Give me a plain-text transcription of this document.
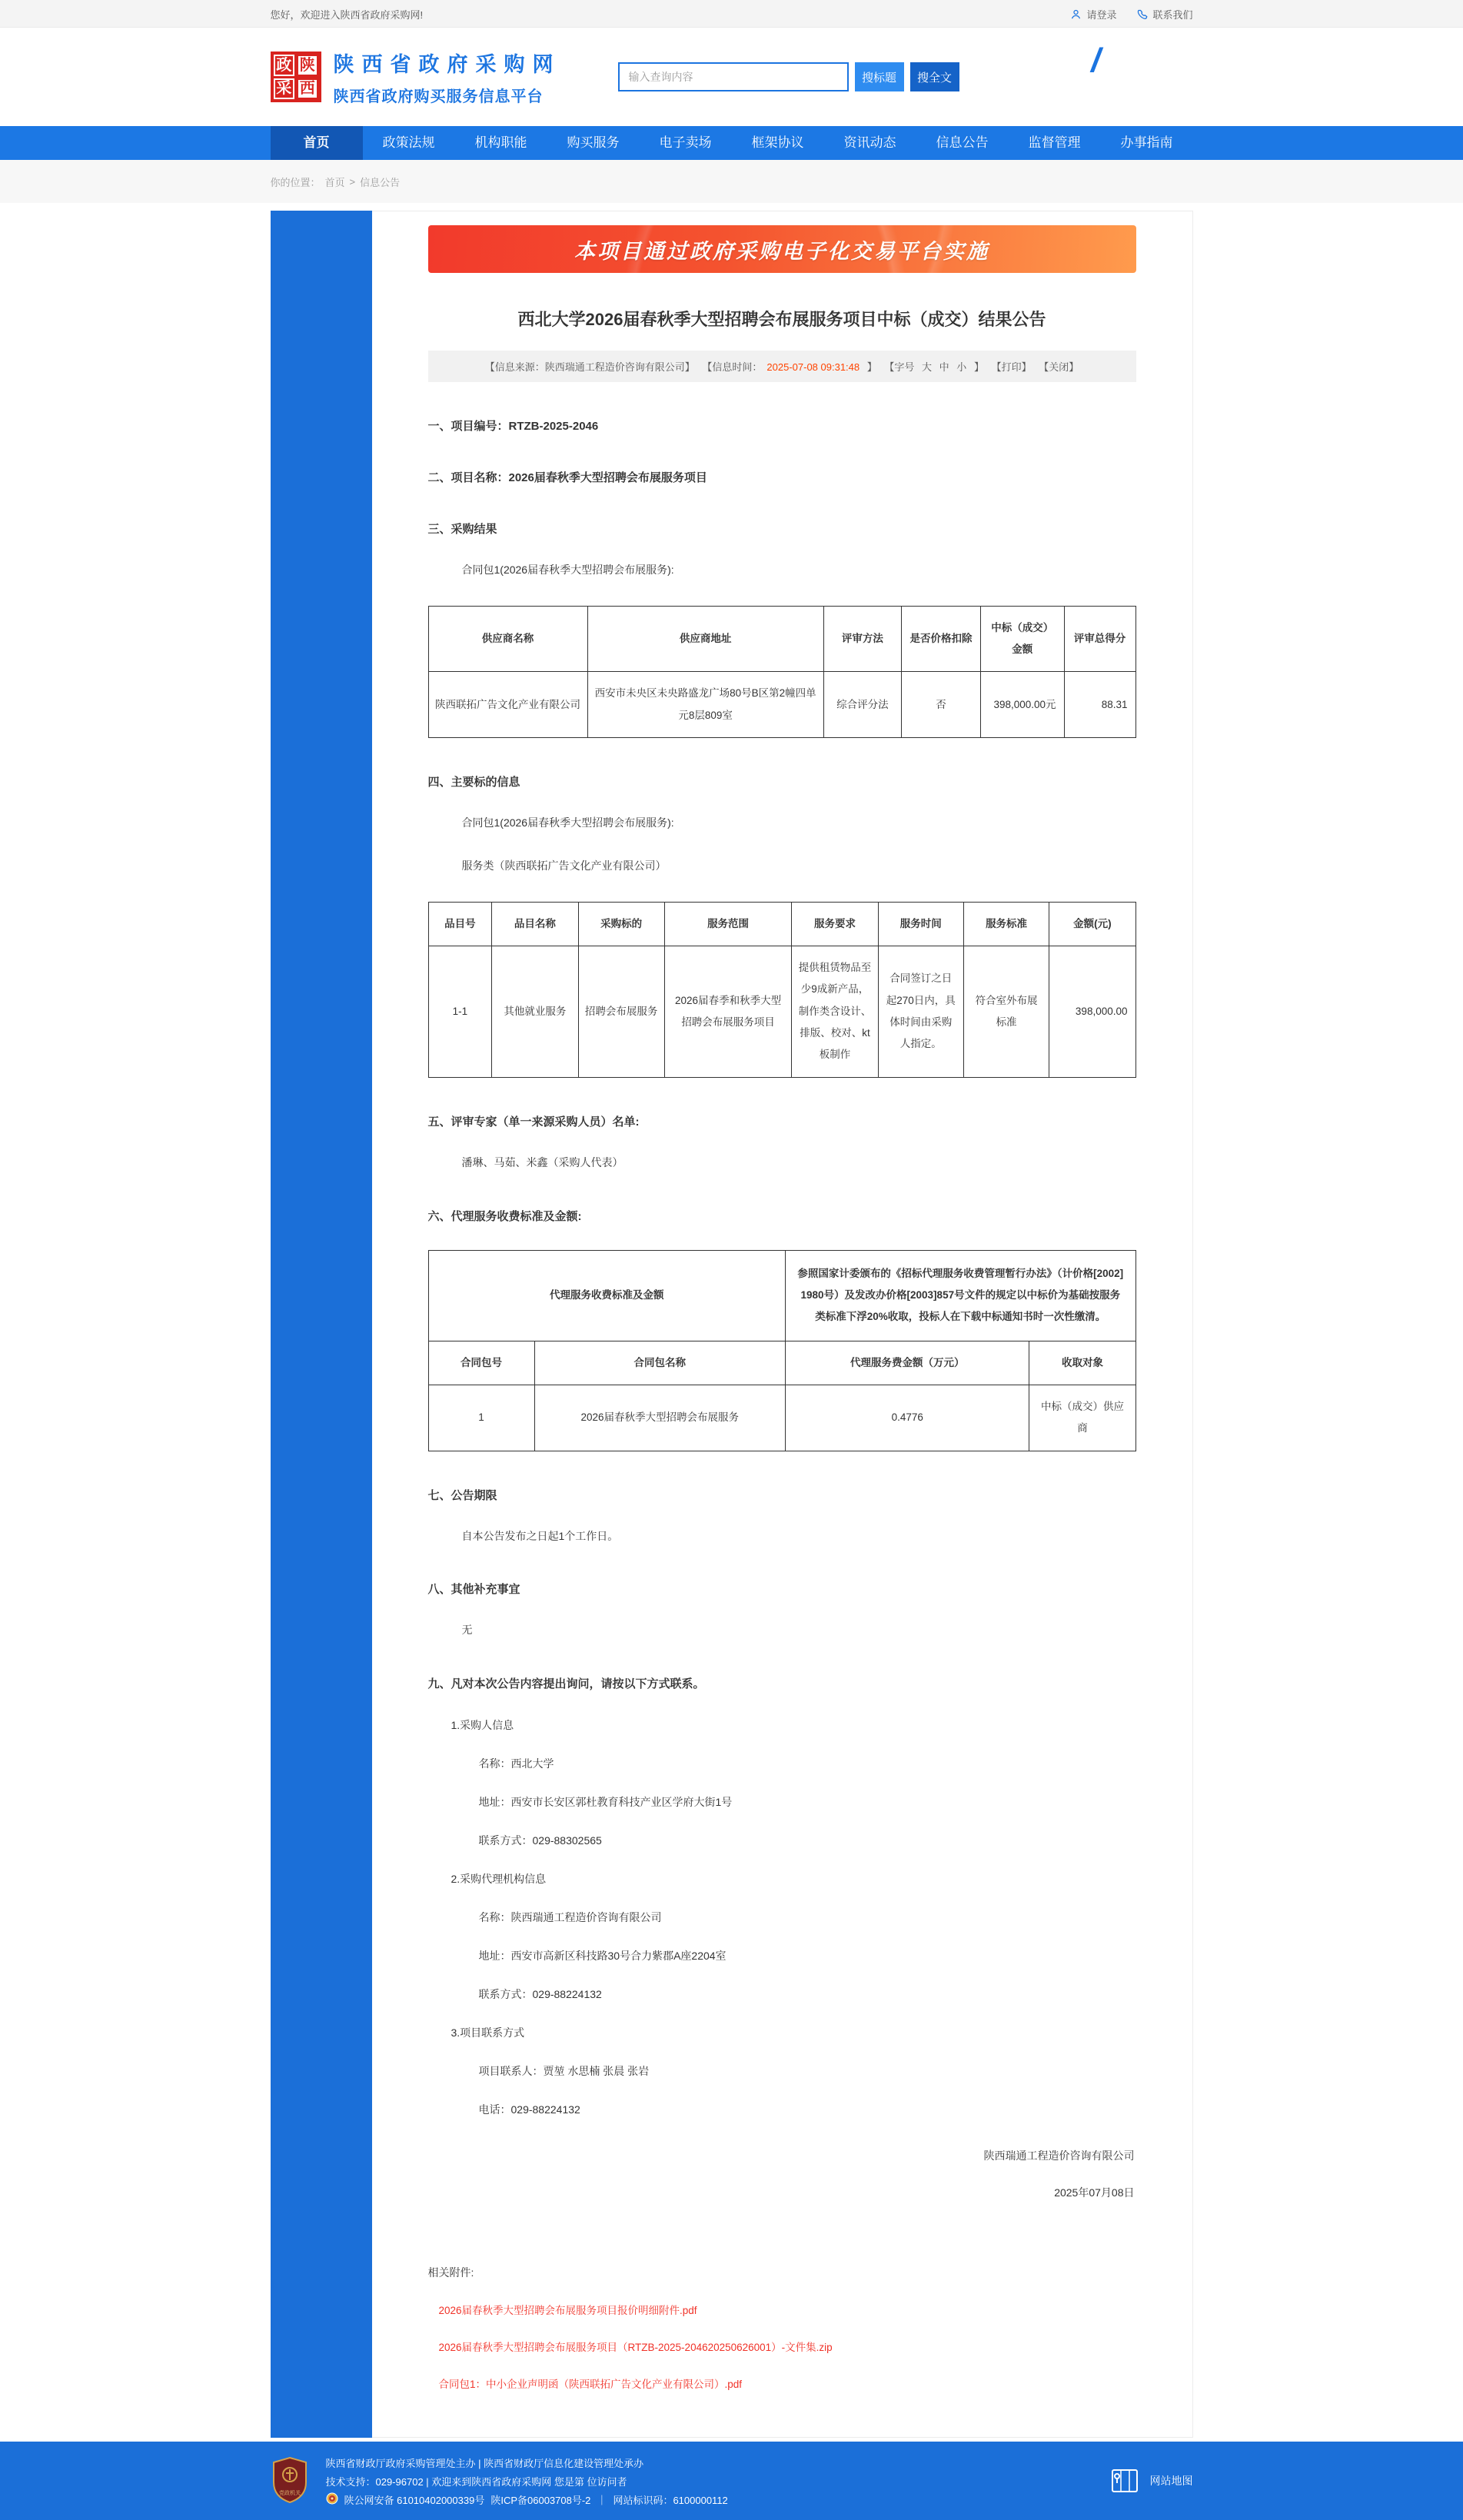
您好，欢迎进入陕西省政府采购网!	请登录	联系我们
政 陕
采 西
陕西省政府采购网
陕西省政府购买服务信息平台
输入查询内容
搜标题	搜全文	/
首页	政策法规	机构职能	购买服务	电子卖场	框架协议	资讯动态	信息公告	监督管理	办事指南
你的位置： 首页 > 信息公告
本项目通过政府采购电子化交易平台实施
西北大学2026届春秋季大型招聘会布展服务项目中标（成交）结果公告
【信息来源：陕西瑞通工程造价咨询有限公司】 【信息时间： 2025-07-08 09:31:48 】 【字号 大 中 小 】 【打印】 【关闭】
一、项目编号：RTZB-2025-2046
二、项目名称：2026届春秋季大型招聘会布展服务项目
三、采购结果
合同包1(2026届春秋季大型招聘会布展服务):
供应商名称	供应商地址	评审方法	是否价格扣除	中标（成交）金额	评审总得分
陕西联拓广告文化产业有限公司	西安市未央区未央路盛龙广场80号B区第2幢四单元8层809室	综合评分法	否	398,000.00元	88.31
四、主要标的信息
合同包1(2026届春秋季大型招聘会布展服务):
服务类（陕西联拓广告文化产业有限公司）
品目号	品目名称	采购标的	服务范围	服务要求	服务时间	服务标准	金额(元)
1-1	其他就业服务	招聘会布展服务	2026届春季和秋季大型招聘会布展服务项目	提供租赁物品至少9成新产品，制作类含设计、排版、校对、kt板制作	合同签订之日起270日内，具体时间由采购人指定。	符合室外布展标准	398,000.00
五、评审专家（单一来源采购人员）名单:
潘琳、马茹、米鑫（采购人代表）
六、代理服务收费标准及金额:
代理服务收费标准及金额		参照国家计委颁布的《招标代理服务收费管理暂行办法》（计价格[2002]1980号）及发改办价格[2003]857号文件的规定以中标价为基础按服务类标准下浮20%收取，投标人在下载中标通知书时一次性缴清。	
合同包号	合同包名称	代理服务费金额（万元）	收取对象
1	2026届春秋季大型招聘会布展服务	0.4776	中标（成交）供应商
七、公告期限
自本公告发布之日起1个工作日。
八、其他补充事宜
无
九、凡对本次公告内容提出询问，请按以下方式联系。
1.采购人信息
名称：西北大学
地址：西安市长安区郭杜教育科技产业区学府大街1号
联系方式：029-88302565
2.采购代理机构信息
名称：陕西瑞通工程造价咨询有限公司
地址：西安市高新区科技路30号合力紫郡A座2204室
联系方式：029-88224132
3.项目联系方式
项目联系人：贾堃 水思楠 张晨 张岩
电话：029-88224132
陕西瑞通工程造价咨询有限公司
2025年07月08日
相关附件:
2026届春秋季大型招聘会布展服务项目报价明细附件.pdf
2026届春秋季大型招聘会布展服务项目（RTZB-2025-204620250626001）-文件集.zip
合同包1：中小企业声明函（陕西联拓广告文化产业有限公司）.pdf
党政机关
陕西省财政厅政府采购管理处主办 | 陕西省财政厅信息化建设管理处承办
技术支持：029-96702 | 欢迎来到陕西省政府采购网 您是第 位访问者
陕公网安备 61010402000339号 陕ICP备06003708号-2 ｜ 网站标识码：6100000112
网站地图
